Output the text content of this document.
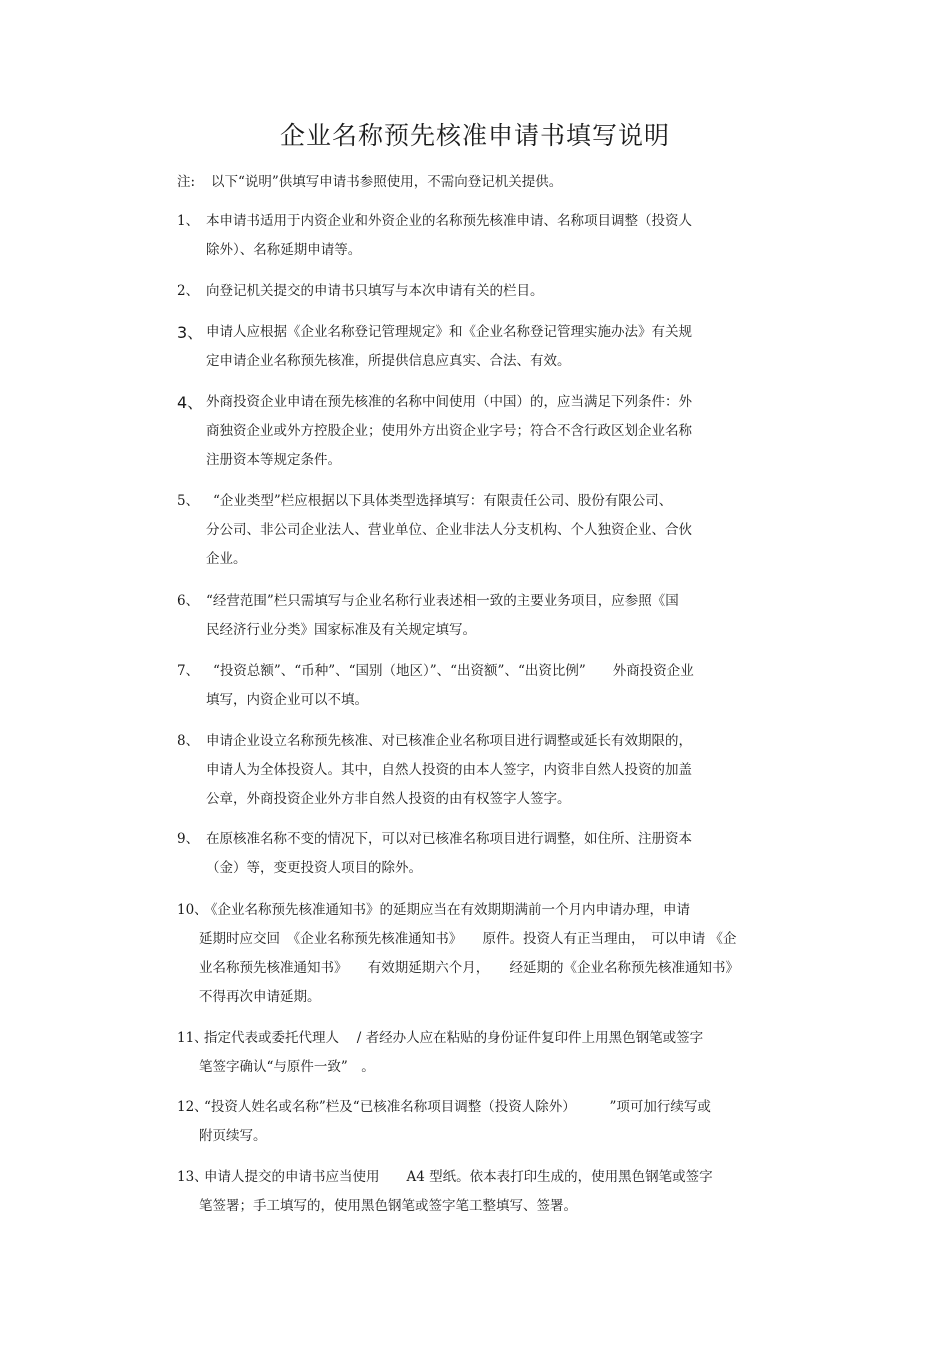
企业名称预先核准申请书填写说明
注: 以下“说明”供填写申请书参照使用，不需向登记机关提供。
1、 本申请书适用于内资企业和外资企业的名称预先核准申请、名称项目调整（投资人
除外）、名称延期申请等。
2、 向登记机关提交的申请书只填写与本次申请有关的栏目。
3、 申请人应根据《企业名称登记管理规定》和《企业名称登记管理实施办法》有关规
定申请企业名称预先核准，所提供信息应真实、合法、有效。
4、 外商投资企业申请在预先核准的名称中间使用（中国）的，应当满足下列条件：外
商独资企业或外方控股企业；使用外方出资企业字号；符合不含行政区划企业名称
注册资本等规定条件。
5、 “企业类型”栏应根据以下具体类型选择填写：有限责任公司、股份有限公司、
分公司、非公司企业法人、营业单位、企业非法人分支机构、个人独资企业、合伙
企业。
6、 “经营范围”栏只需填写与企业名称行业表述相一致的主要业务项目，应参照《国
民经济行业分类》国家标准及有关规定填写。
7、 “投资总额”、“币种”、“国别（地区）”、“出资额”、“出资比例”　　外商投资企业
填写，内资企业可以不填。
8、 申请企业设立名称预先核准、对已核准企业名称项目进行调整或延长有效期限的，
申请人为全体投资人。其中，自然人投资的由本人签字，内资非自然人投资的加盖
公章，外商投资企业外方非自然人投资的由有权签字人签字。
9、 在原核准名称不变的情况下，可以对已核准名称项目进行调整，如住所、注册资本
（金）等，变更投资人项目的除外。
10、
《企业名称预先核准通知书》的延期应当在有效期期满前一个月内申请办理，申请
延期时应交回　《企业名称预先核准通知书》　　原件。投资人有正当理由，　可以申请 《企
业名称预先核准通知书》　　有效期延期六个月，　　经延期的《企业名称预先核准通知书》
不得再次申请延期。
11、
指定代表或委托代理人　 / 者经办人应在粘贴的身份证件复印件上用黑色钢笔或签字
笔签字确认“与原件一致”　。
12、
“投资人姓名或名称”栏及“已核准名称项目调整（投资人除外）　　　”项可加行续写或
附页续写。
13、
申请人提交的申请书应当使用　　A4 型纸。依本表打印生成的，使用黑色钢笔或签字
笔签署；手工填写的，使用黑色钢笔或签字笔工整填写、签署。
